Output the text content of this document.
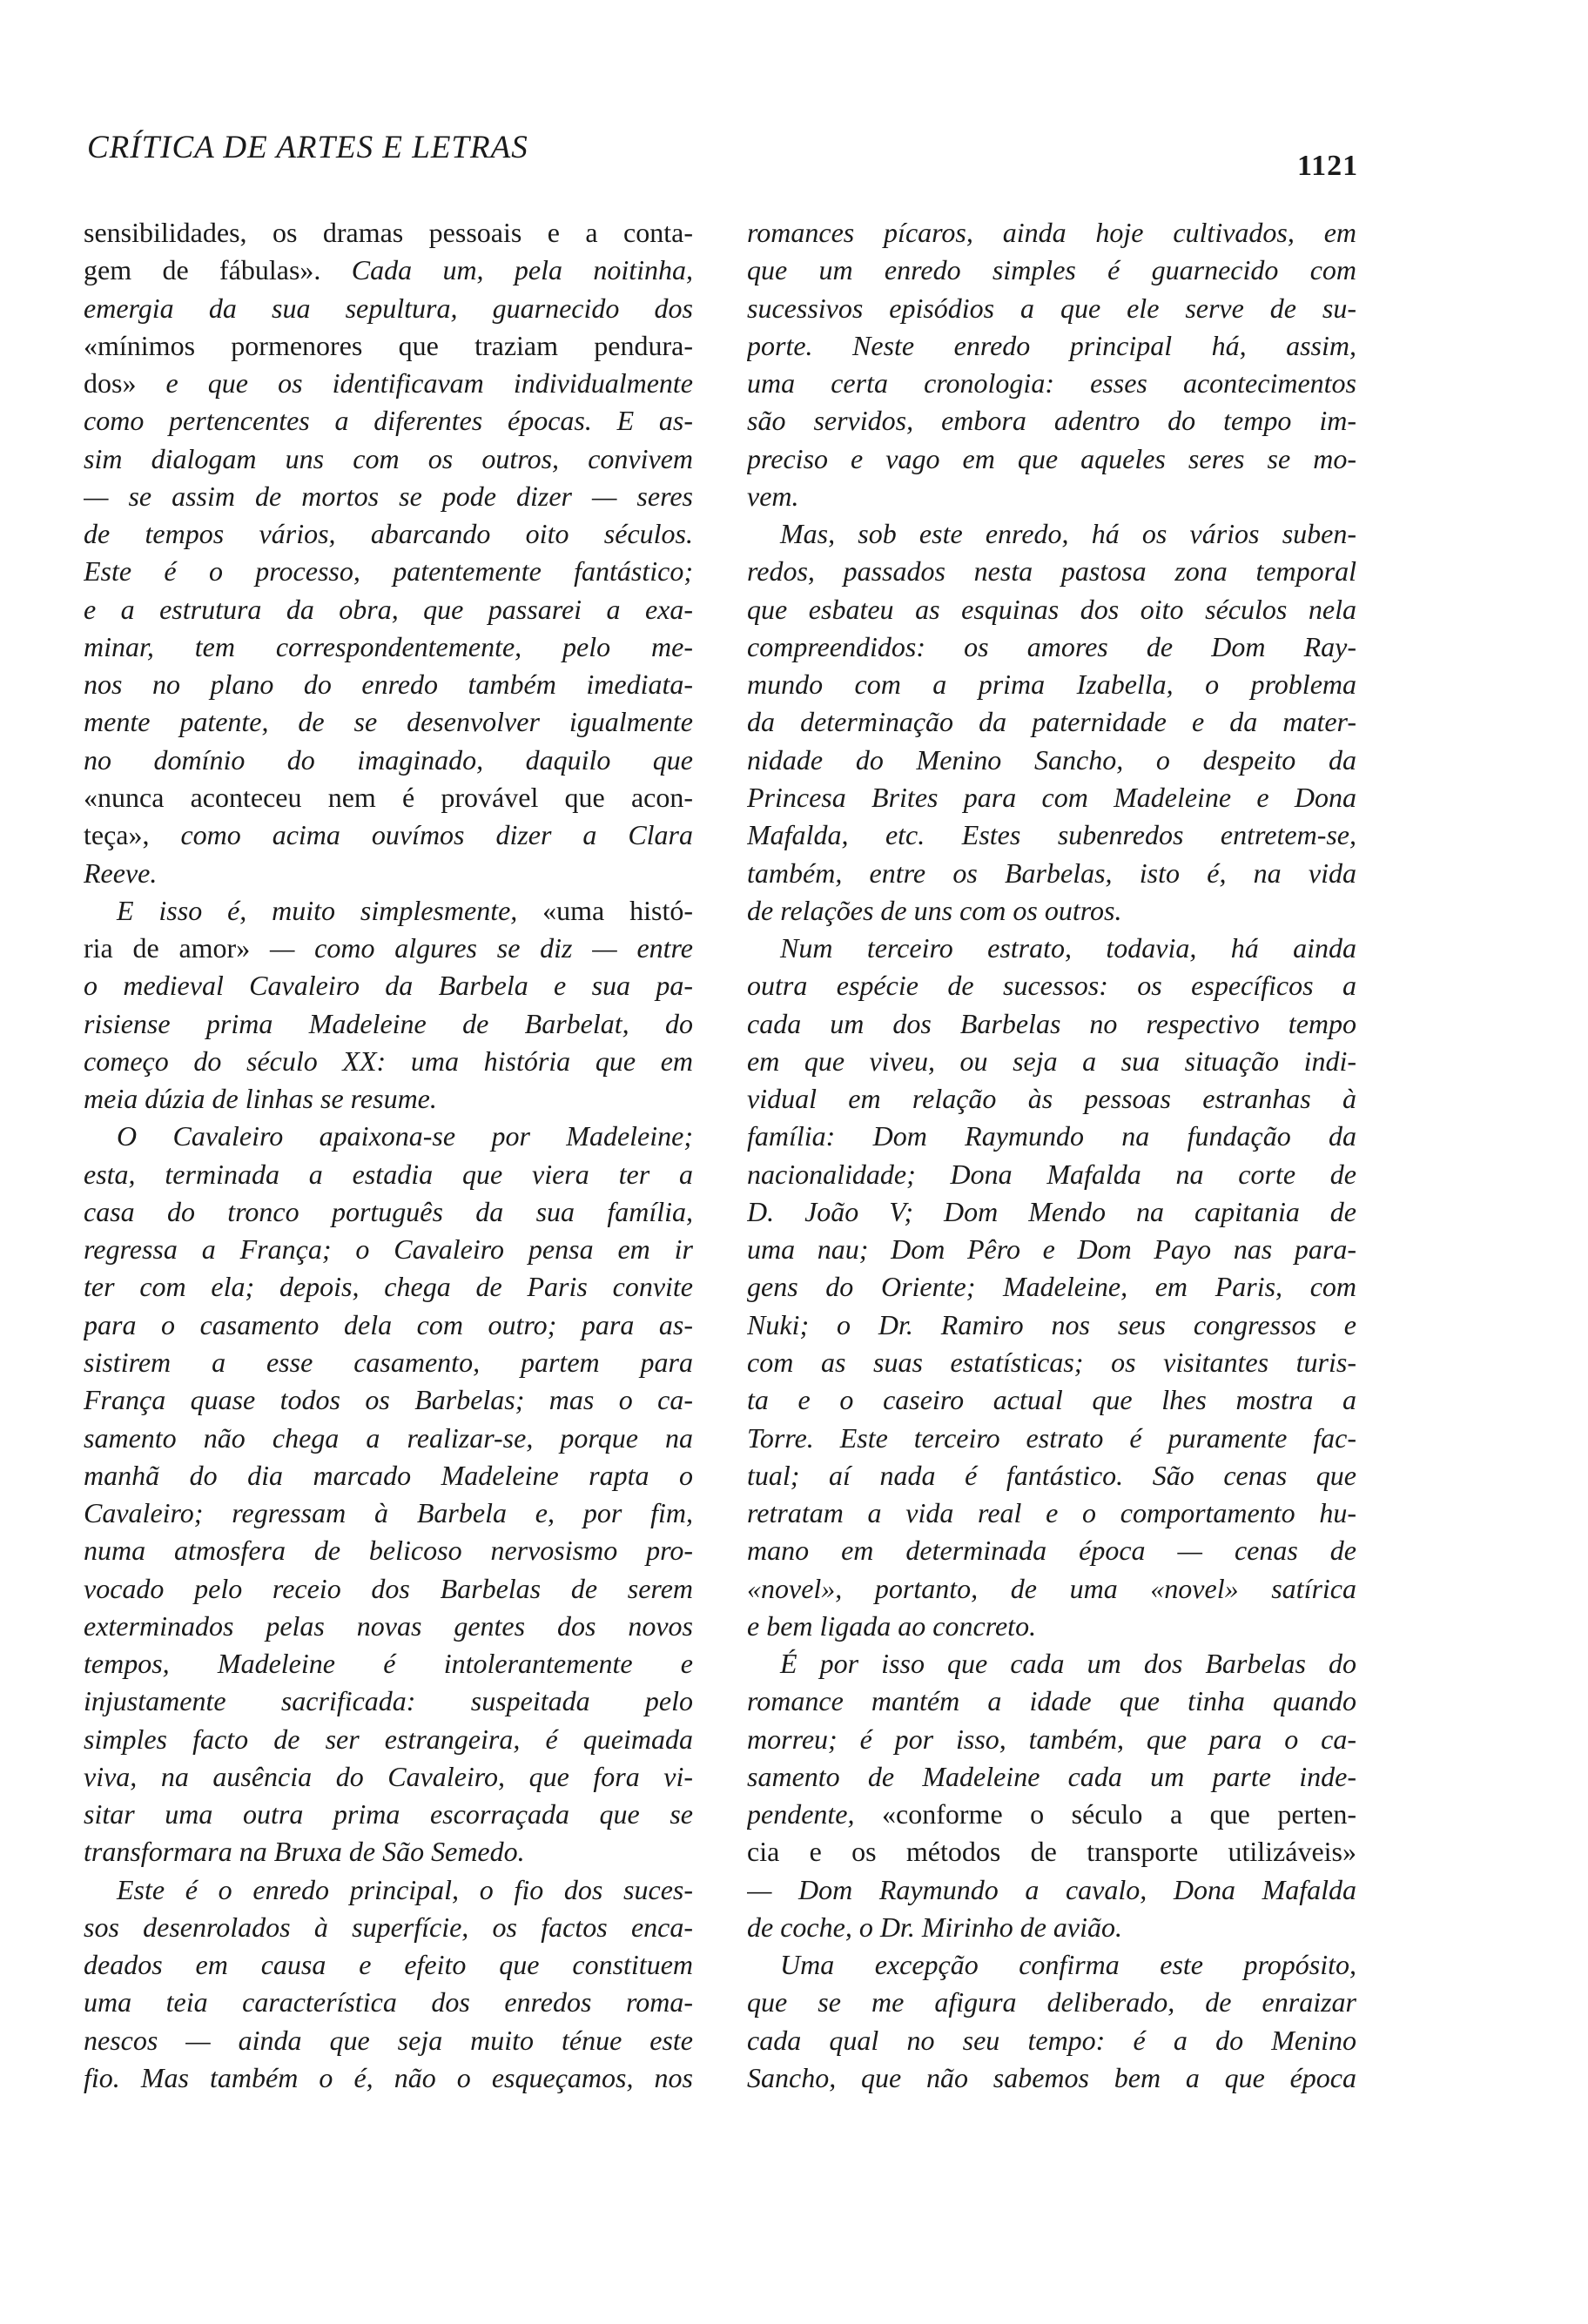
CRÍTICA DE ARTES E LETRAS
1121
sensibilidades, os dramas pessoais e a conta-
gem de fábulas». Cada um, pela noitinha,
emergia da sua sepultura, guarnecido dos
«mínimos pormenores que traziam pendura-
dos» e que os identificavam individualmente
como pertencentes a diferentes épocas. E as-
sim dialogam uns com os outros, convivem
— se assim de mortos se pode dizer — seres
de tempos vários, abarcando oito séculos.
Este é o processo, patentemente fantástico;
e a estrutura da obra, que passarei a exa-
minar, tem correspondentemente, pelo me-
nos no plano do enredo também imediata-
mente patente, de se desenvolver igualmente
no domínio do imaginado, daquilo que
«nunca aconteceu nem é provável que acon-
teça», como acima ouvímos dizer a Clara
Reeve.
E isso é, muito simplesmente, «uma histó-
ria de amor» — como algures se diz — entre
o medieval Cavaleiro da Barbela e sua pa-
risiense prima Madeleine de Barbelat, do
começo do século XX: uma história que em
meia dúzia de linhas se resume.
O Cavaleiro apaixona-se por Madeleine;
esta, terminada a estadia que viera ter a
casa do tronco português da sua família,
regressa a França; o Cavaleiro pensa em ir
ter com ela; depois, chega de Paris convite
para o casamento dela com outro; para as-
sistirem a esse casamento, partem para
França quase todos os Barbelas; mas o ca-
samento não chega a realizar-se, porque na
manhã do dia marcado Madeleine rapta o
Cavaleiro; regressam à Barbela e, por fim,
numa atmosfera de belicoso nervosismo pro-
vocado pelo receio dos Barbelas de serem
exterminados pelas novas gentes dos novos
tempos, Madeleine é intolerantemente e
injustamente sacrificada: suspeitada pelo
simples facto de ser estrangeira, é queimada
viva, na ausência do Cavaleiro, que fora vi-
sitar uma outra prima escorraçada que se
transformara na Bruxa de São Semedo.
Este é o enredo principal, o fio dos suces-
sos desenrolados à superfície, os factos enca-
deados em causa e efeito que constituem
uma teia característica dos enredos roma-
nescos — ainda que seja muito ténue este
fio. Mas também o é, não o esqueçamos, nos
romances pícaros, ainda hoje cultivados, em
que um enredo simples é guarnecido com
sucessivos episódios a que ele serve de su-
porte. Neste enredo principal há, assim,
uma certa cronologia: esses acontecimentos
são servidos, embora adentro do tempo im-
preciso e vago em que aqueles seres se mo-
vem.
Mas, sob este enredo, há os vários suben-
redos, passados nesta pastosa zona temporal
que esbateu as esquinas dos oito séculos nela
compreendidos: os amores de Dom Ray-
mundo com a prima Izabella, o problema
da determinação da paternidade e da mater-
nidade do Menino Sancho, o despeito da
Princesa Brites para com Madeleine e Dona
Mafalda, etc. Estes subenredos entretem-se,
também, entre os Barbelas, isto é, na vida
de relações de uns com os outros.
Num terceiro estrato, todavia, há ainda
outra espécie de sucessos: os específicos a
cada um dos Barbelas no respectivo tempo
em que viveu, ou seja a sua situação indi-
vidual em relação às pessoas estranhas à
família: Dom Raymundo na fundação da
nacionalidade; Dona Mafalda na corte de
D. João V; Dom Mendo na capitania de
uma nau; Dom Pêro e Dom Payo nas para-
gens do Oriente; Madeleine, em Paris, com
Nuki; o Dr. Ramiro nos seus congressos e
com as suas estatísticas; os visitantes turis-
ta e o caseiro actual que lhes mostra a
Torre. Este terceiro estrato é puramente fac-
tual; aí nada é fantástico. São cenas que
retratam a vida real e o comportamento hu-
mano em determinada época — cenas de
«novel», portanto, de uma «novel» satírica
e bem ligada ao concreto.
É por isso que cada um dos Barbelas do
romance mantém a idade que tinha quando
morreu; é por isso, também, que para o ca-
samento de Madeleine cada um parte inde-
pendente, «conforme o século a que perten-
cia e os métodos de transporte utilizáveis»
— Dom Raymundo a cavalo, Dona Mafalda
de coche, o Dr. Mirinho de avião.
Uma excepção confirma este propósito,
que se me afigura deliberado, de enraizar
cada qual no seu tempo: é a do Menino
Sancho, que não sabemos bem a que época
